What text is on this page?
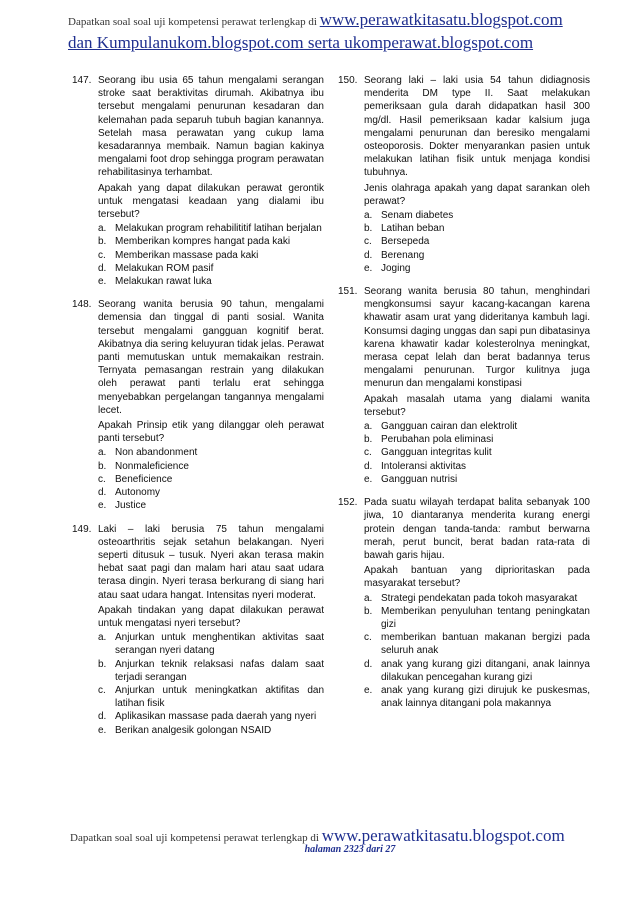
Dapatkan soal soal uji kompetensi perawat terlengkap di www.perawatkitasatu.blogspot.com
dan Kumpulanukom.blogspot.com serta ukomperawat.blogspot.com
147. Seorang ibu usia 65 tahun mengalami serangan stroke saat beraktivitas dirumah. Akibatnya ibu tersebut mengalami penurunan kesadaran dan kelemahan pada separuh tubuh bagian kanannya. Setelah masa perawatan yang cukup lama kesadarannya membaik. Namun bagian kakinya mengalami foot drop sehingga program perawatan rehabilitasinya terhambat.

Apakah yang dapat dilakukan perawat gerontik untuk mengatasi keadaan yang dialami ibu tersebut?

a. Melakukan program rehabilititif latihan berjalan
b. Memberikan kompres hangat pada kaki
c. Memberikan massase pada kaki
d. Melakukan ROM pasif
e. Melakukan rawat luka
148. Seorang wanita berusia 90 tahun, mengalami demensia dan tinggal di panti sosial. Wanita tersebut mengalami gangguan kognitif berat. Akibatnya dia sering keluyuran tidak jelas. Perawat panti memutuskan untuk memakaikan restrain. Ternyata pemasangan restrain yang dilakukan oleh perawat panti terlalu erat sehingga menyebabkan pergelangan tangannya mengalami lecet.

Apakah Prinsip etik yang dilanggar oleh perawat panti tersebut?

a. Non abandonment
b. Nonmaleficience
c. Beneficience
d. Autonomy
e. Justice
149. Laki – laki berusia 75 tahun mengalami osteoarthritis sejak setahun belakangan. Nyeri seperti ditusuk – tusuk. Nyeri akan terasa makin hebat saat pagi dan malam hari atau saat udara terasa dingin. Nyeri terasa berkurang di siang hari atau saat udara hangat. Intensitas nyeri moderat.

Apakah tindakan yang dapat dilakukan perawat untuk mengatasi nyeri tersebut?

a. Anjurkan untuk menghentikan aktivitas saat serangan nyeri datang
b. Anjurkan teknik relaksasi nafas dalam saat terjadi serangan
c. Anjurkan untuk meningkatkan aktifitas dan latihan fisik
d. Aplikasikan massase pada daerah yang nyeri
e. Berikan analgesik golongan NSAID
150. Seorang laki – laki usia 54 tahun didiagnosis menderita DM type II. Saat melakukan pemeriksaan gula darah didapatkan hasil 300 mg/dl. Hasil pemeriksaan kadar kalsium juga mengalami penurunan dan beresiko mengalami osteoporosis. Dokter menyarankan pasien untuk melakukan latihan fisik untuk menjaga kondisi tubuhnya.

Jenis olahraga apakah yang dapat sarankan oleh perawat?

a. Senam diabetes
b. Latihan beban
c. Bersepeda
d. Berenang
e. Joging
151. Seorang wanita berusia 80 tahun, menghindari mengkonsumsi sayur kacang-kacangan karena khawatir asam urat yang dideritanya kambuh lagi. Konsumsi daging unggas dan sapi pun dibatasinya karena khawatir kadar kolesterolnya meningkat, merasa cepat lelah dan berat badannya terus mengalami penurunan. Turgor kulitnya juga menurun dan mengalami konstipasi

Apakah masalah utama yang dialami wanita tersebut?

a. Gangguan cairan dan elektrolit
b. Perubahan pola eliminasi
c. Gangguan integritas kulit
d. Intoleransi aktivitas
e. Gangguan nutrisi
152. Pada suatu wilayah terdapat balita sebanyak 100 jiwa, 10 diantaranya menderita kurang energi protein dengan tanda-tanda: rambut berwarna merah, perut buncit, berat badan rata-rata di bawah garis hijau.

Apakah bantuan yang diprioritaskan pada masyarakat tersebut?

a. Strategi pendekatan pada tokoh masyarakat
b. Memberikan penyuluhan tentang peningkatan gizi
c. memberikan bantuan makanan bergizi pada seluruh anak
d. anak yang kurang gizi ditangani, anak lainnya dilakukan pencegahan kurang gizi
e. anak yang kurang gizi dirujuk ke puskesmas, anak lainnya ditangani pola makannya
Dapatkan soal soal uji kompetensi perawat terlengkap di www.perawatkitasatu.blogspot.com
halaman 2323 dari 27
